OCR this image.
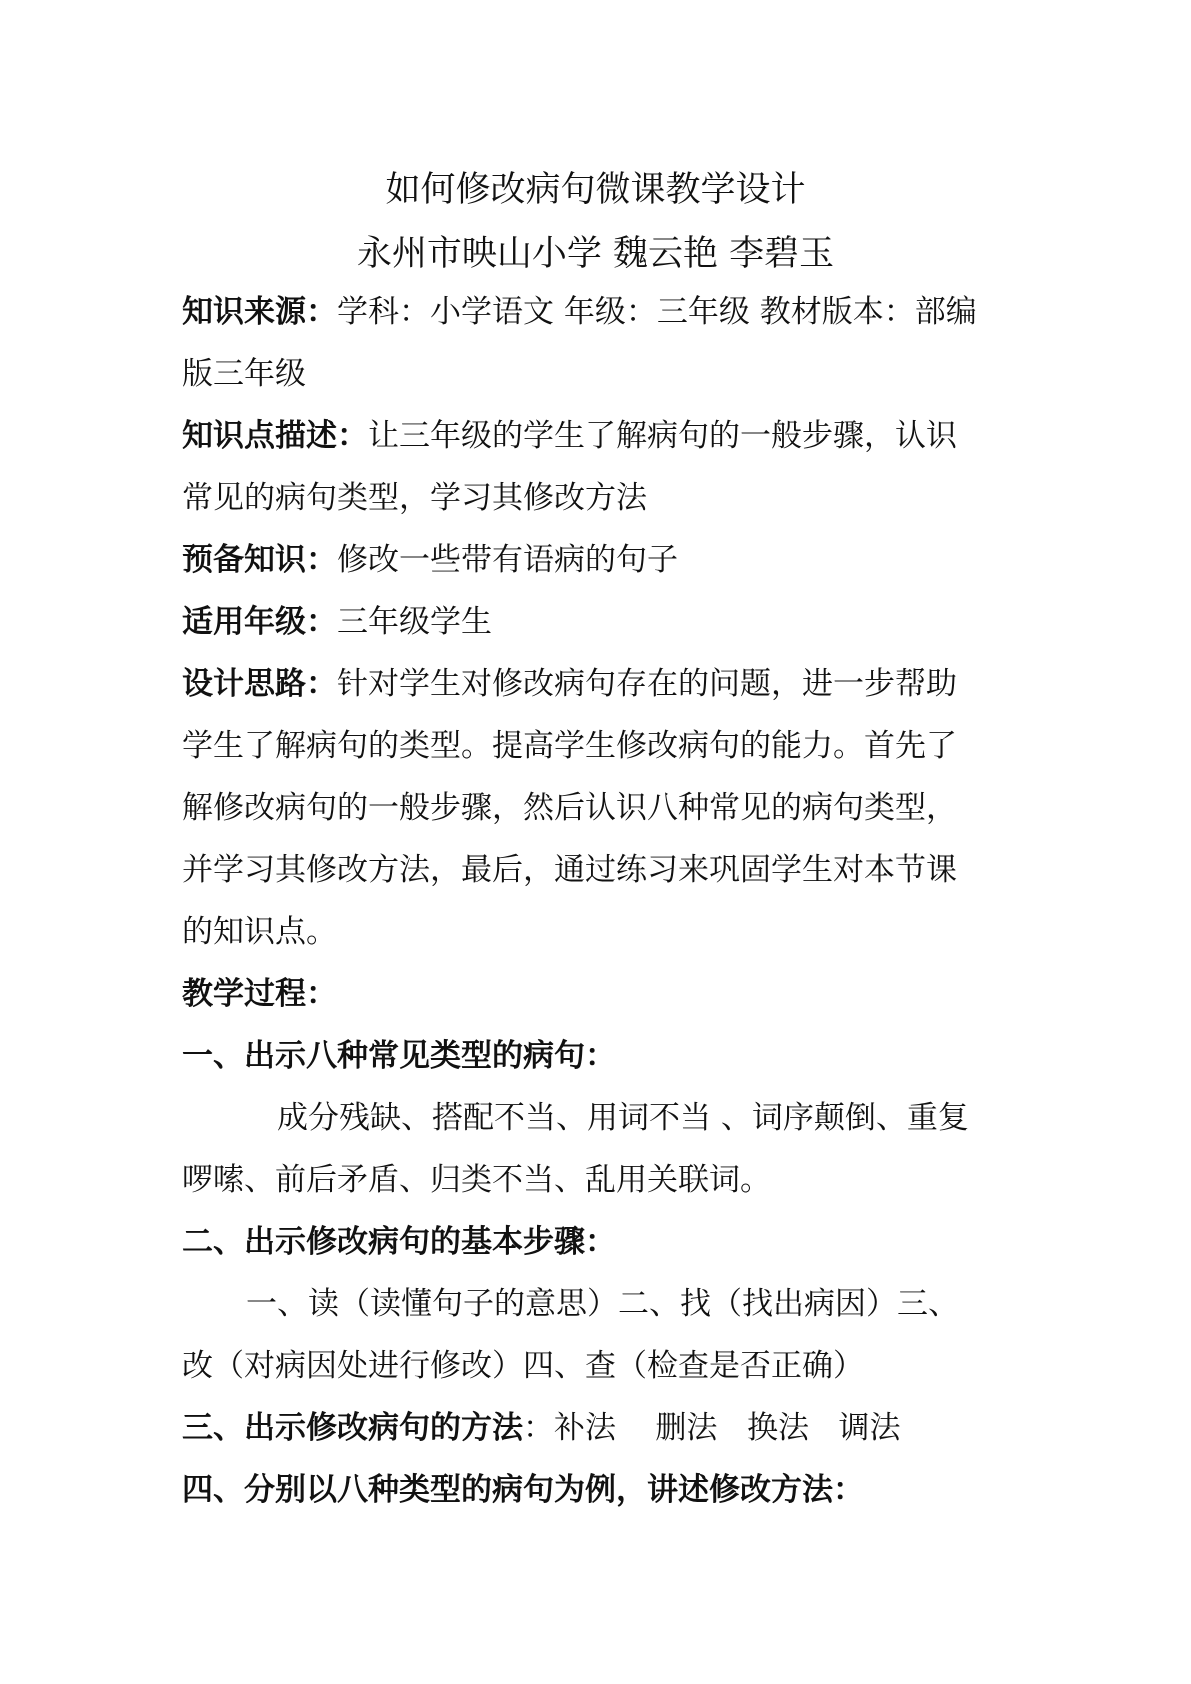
如何修改病句微课教学设计
永州市映山小学 魏云艳 李碧玉
知识来源：学科：小学语文 年级：三年级 教材版本：部编
版三年级
知识点描述：让三年级的学生了解病句的一般步骤，认识
常见的病句类型，学习其修改方法
预备知识：修改一些带有语病的句子
适用年级：三年级学生
设计思路：针对学生对修改病句存在的问题，进一步帮助
学生了解病句的类型。提高学生修改病句的能力。首先了
解修改病句的一般步骤，然后认识八种常见的病句类型，
并学习其修改方法，最后，通过练习来巩固学生对本节课
的知识点。
教学过程：
一、出示八种常见类型的病句：
成分残缺、搭配不当、用词不当 、词序颠倒、重复
啰嗦、前后矛盾、归类不当、乱用关联词。
二、出示修改病句的基本步骤：
一、读（读懂句子的意思）二、找（找出病因）三、
改（对病因处进行修改）四、查（检查是否正确）
三、出示修改病句的方法：补法    删法   换法   调法
四、分别以八种类型的病句为例，讲述修改方法：
